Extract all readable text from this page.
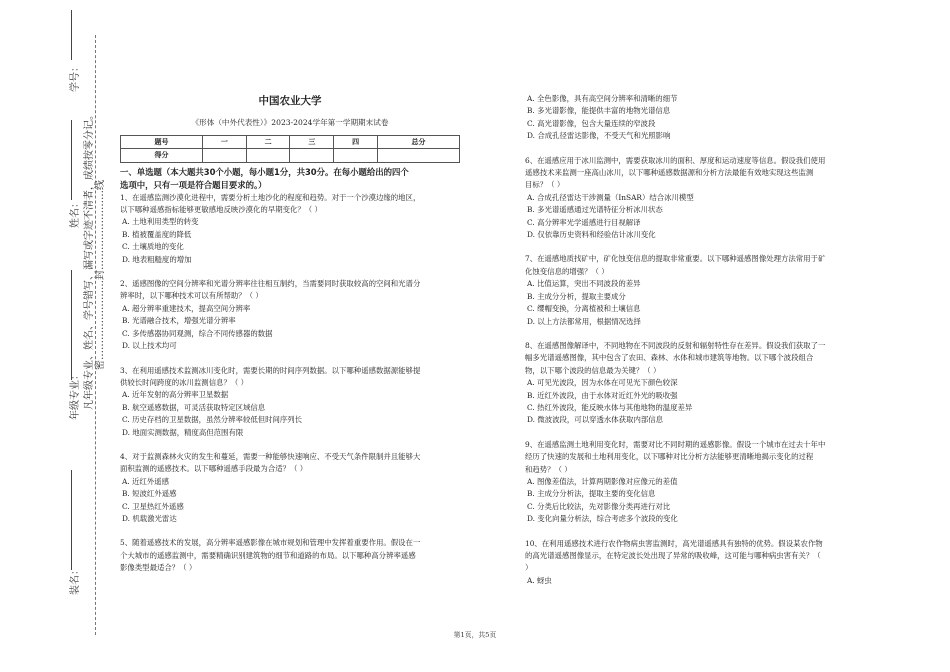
学号：
姓名：
年级专业：
装名：
凡年级专业、姓名、学号错写、漏写或字迹不清者，成绩按零分记。 密……………………封……………………线
中国农业大学
《形体（中外代表性）》2023-2024学年第一学期期末试卷
题号	一	二	三	四	总分
得分					
一、单选题（本大题共30个小题，每小题1分，共30分。在每小题给出的四个
选项中，只有一项是符合题目要求的。）
1、在遥感监测沙漠化进程中，需要分析土地沙化的程度和趋势。对于一个沙漠边缘的地区，
以下哪种遥感指标能够更敏感地反映沙漠化的早期变化？（ ）
A. 土地利用类型的转变
B. 植被覆盖度的降低
C. 土壤质地的变化
D. 地表粗糙度的增加
2、遥感图像的空间分辨率和光谱分辨率往往相互制约，当需要同时获取较高的空间和光谱分
辨率时，以下哪种技术可以有所帮助？（ ）
A. 超分辨率重建技术，提高空间分辨率
B. 光谱融合技术，增强光谱分辨率
C. 多传感器协同观测，综合不同传感器的数据
D. 以上技术均可
3、在利用遥感技术监测冰川变化时，需要长期的时间序列数据。以下哪种遥感数据源能够提
供较长时间跨度的冰川监测信息？（ ）
A. 近年发射的高分辨率卫星数据
B. 航空遥感数据，可灵活获取特定区域信息
C. 历史存档的卫星数据，虽然分辨率较低但时间序列长
D. 地面实测数据，精度高但范围有限
4、对于监测森林火灾的发生和蔓延，需要一种能够快速响应、不受天气条件限制并且能够大
面积监测的遥感技术。以下哪种遥感手段最为合适？（ ）
A. 近红外遥感
B. 短波红外遥感
C. 卫星热红外遥感
D. 机载激光雷达
5、随着遥感技术的发展，高分辨率遥感影像在城市规划和管理中发挥着重要作用。假设在一
个大城市的遥感监测中，需要精确识别建筑物的细节和道路的布局。以下哪种高分辨率遥感
影像类型最适合？（ ）
A. 全色影像，具有高空间分辨率和清晰的细节
B. 多光谱影像，能提供丰富的地物光谱信息
C. 高光谱影像，包含大量连续的窄波段
D. 合成孔径雷达影像，不受天气和光照影响
6、在遥感应用于冰川监测中，需要获取冰川的面积、厚度和运动速度等信息。假设我们使用
遥感技术来监测一座高山冰川，以下哪种遥感数据源和分析方法最能有效地实现这些监测
目标？（ ）
A. 合成孔径雷达干涉测量（InSAR）结合冰川模型
B. 多光谱遥感通过光谱特征分析冰川状态
C. 高分辨率光学遥感进行目视解译
D. 仅依靠历史资料和经验估计冰川变化
7、在遥感地质找矿中，矿化蚀变信息的提取非常重要。以下哪种遥感图像处理方法常用于矿
化蚀变信息的增强？（ ）
A. 比值运算，突出不同波段的差异
B. 主成分分析，提取主要成分
C. 缨帽变换，分离植被和土壤信息
D. 以上方法都常用，根据情况选择
8、在遥感图像解译中，不同地物在不同波段的反射和辐射特性存在差异。假设我们获取了一
幅多光谱遥感图像，其中包含了农田、森林、水体和城市建筑等地物。以下哪个波段组合
物，以下哪个波段的信息最为关键？（ ）
A. 可见光波段，因为水体在可见光下颜色较深
B. 近红外波段，由于水体对近红外光的吸收强
C. 热红外波段，能反映水体与其他地物的温度差异
D. 微波波段，可以穿透水体获取内部信息
9、在遥感监测土地利用变化时，需要对比不同时期的遥感影像。假设一个城市在过去十年中
经历了快速的发展和土地利用变化，以下哪种对比分析方法能够更清晰地揭示变化的过程
和趋势？（ ）
A. 图像差值法，计算两期影像对应像元的差值
B. 主成分分析法，提取主要的变化信息
C. 分类后比较法，先对影像分类再进行对比
D. 变化向量分析法，综合考虑多个波段的变化
10、在利用遥感技术进行农作物病虫害监测时，高光谱遥感具有独特的优势。假设某农作物
的高光谱遥感图像显示，在特定波长处出现了异常的吸收峰，这可能与哪种病虫害有关？（
）
A. 蚜虫
第1页，共5页
